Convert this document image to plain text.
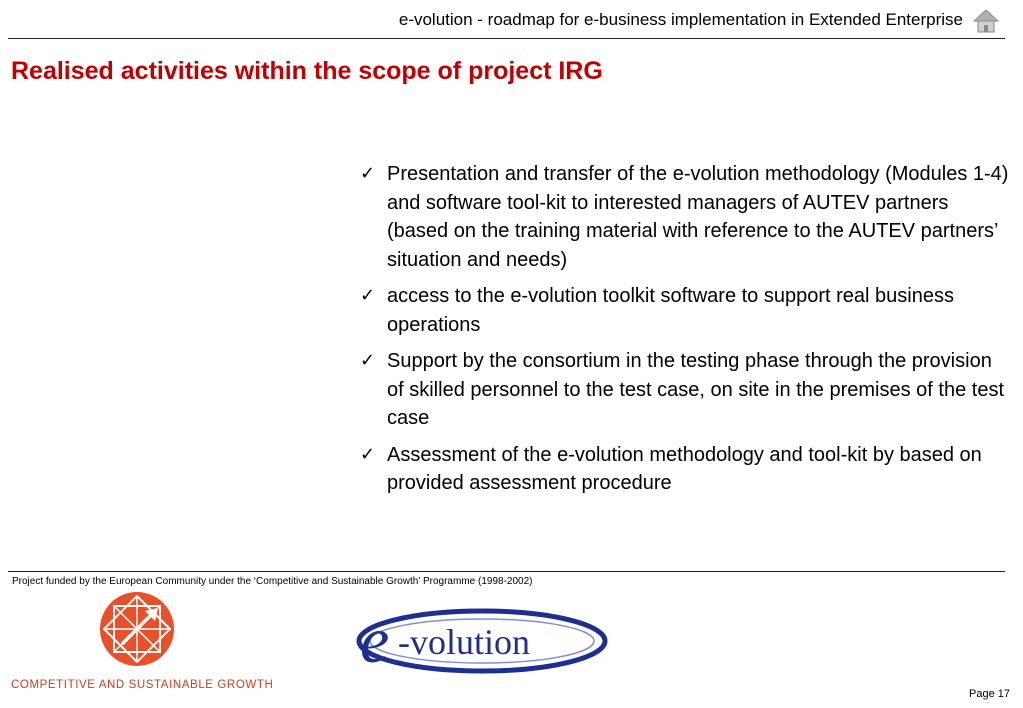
e-volution - roadmap for e-business implementation in Extended Enterprise
Realised activities within the scope of project IRG
✓ Presentation and transfer of the e-volution methodology (Modules 1-4) and software tool-kit to interested managers of AUTEV partners (based on the training material with reference to the AUTEV partners’ situation and needs)
✓ access to the e-volution toolkit software to support real business operations
✓ Support by the consortium in the testing phase through the provision of skilled personnel to the test case, on site in the premises of the test case
✓ Assessment of the e-volution methodology and tool-kit by based on provided assessment procedure
Project funded by the European Community under the ‘Competitive and Sustainable Growth’ Programme (1998-2002)
COMPETITIVE AND SUSTAINABLE GROWTH
e -volution
Page 17
